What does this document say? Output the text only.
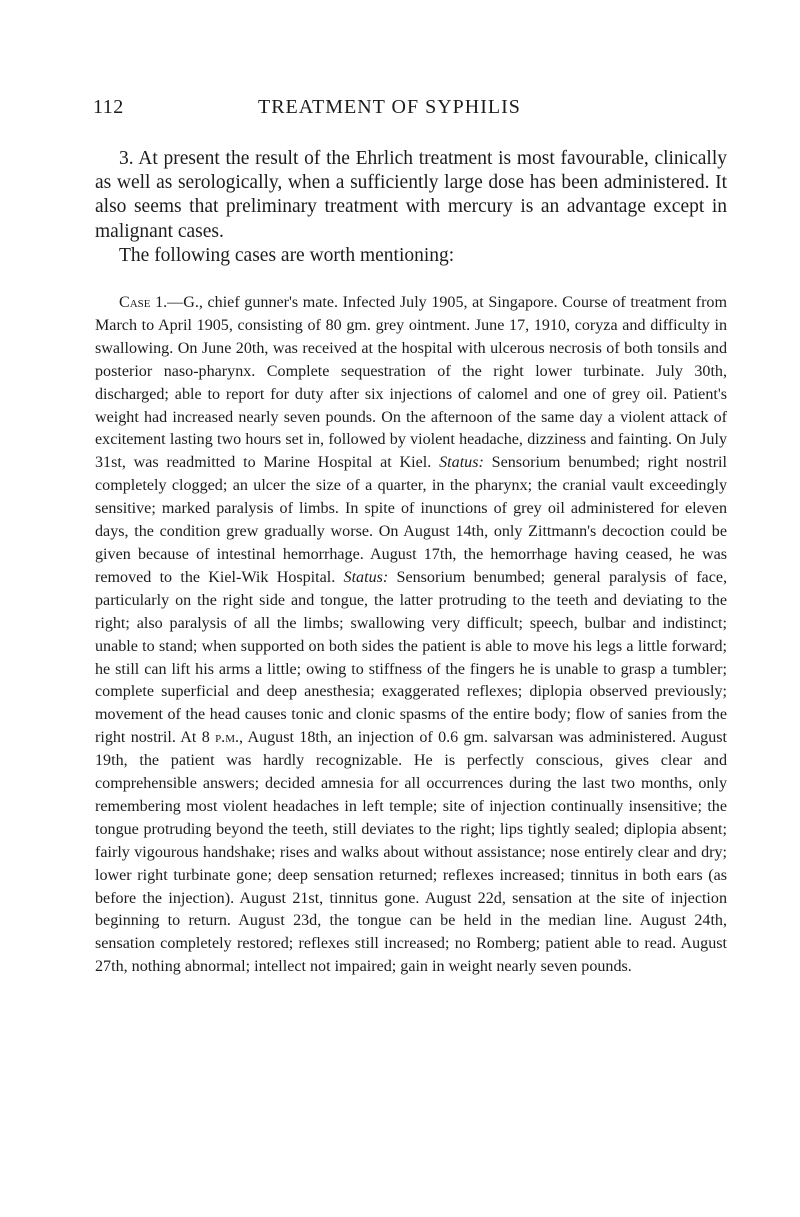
112	TREATMENT OF SYPHILIS

3. At present the result of the Ehrlich treatment is most favourable, clinically as well as serologically, when a sufficiently large dose has been administered. It also seems that preliminary treatment with mercury is an advantage except in malignant cases.

The following cases are worth mentioning:

Case 1.—G., chief gunner's mate. Infected July 1905, at Singapore. Course of treatment from March to April 1905, consisting of 80 gm. grey ointment. June 17, 1910, coryza and difficulty in swallowing. On June 20th, was received at the hospital with ulcerous necrosis of both tonsils and posterior naso-pharynx. Complete sequestration of the right lower turbinate. July 30th, discharged; able to report for duty after six injections of calomel and one of grey oil. Patient's weight had increased nearly seven pounds. On the afternoon of the same day a violent attack of excitement lasting two hours set in, followed by violent headache, dizziness and fainting. On July 31st, was readmitted to Marine Hospital at Kiel. Status: Sensorium benumbed; right nostril completely clogged; an ulcer the size of a quarter, in the pharynx; the cranial vault exceedingly sensitive; marked paralysis of limbs. In spite of inunctions of grey oil administered for eleven days, the condition grew gradually worse. On August 14th, only Zittmann's decoction could be given because of intestinal hemorrhage. August 17th, the hemorrhage having ceased, he was removed to the Kiel-Wik Hospital. Status: Sensorium benumbed; general paralysis of face, particularly on the right side and tongue, the latter protruding to the teeth and deviating to the right; also paralysis of all the limbs; swallowing very difficult; speech, bulbar and indistinct; unable to stand; when supported on both sides the patient is able to move his legs a little forward; he still can lift his arms a little; owing to stiffness of the fingers he is unable to grasp a tumbler; complete superficial and deep anesthesia; exaggerated reflexes; diplopia observed previously; movement of the head causes tonic and clonic spasms of the entire body; flow of sanies from the right nostril. At 8 p.m., August 18th, an injection of 0.6 gm. salvarsan was administered. August 19th, the patient was hardly recognizable. He is perfectly conscious, gives clear and comprehensible answers; decided amnesia for all occurrences during the last two months, only remembering most violent headaches in left temple; site of injection continually insensitive; the tongue protruding beyond the teeth, still deviates to the right; lips tightly sealed; diplopia absent; fairly vigourous handshake; rises and walks about without assistance; nose entirely clear and dry; lower right turbinate gone; deep sensation returned; reflexes increased; tinnitus in both ears (as before the injection). August 21st, tinnitus gone. August 22d, sensation at the site of injection beginning to return. August 23d, the tongue can be held in the median line. August 24th, sensation completely restored; reflexes still increased; no Romberg; patient able to read. August 27th, nothing abnormal; intellect not impaired; gain in weight nearly seven pounds.
